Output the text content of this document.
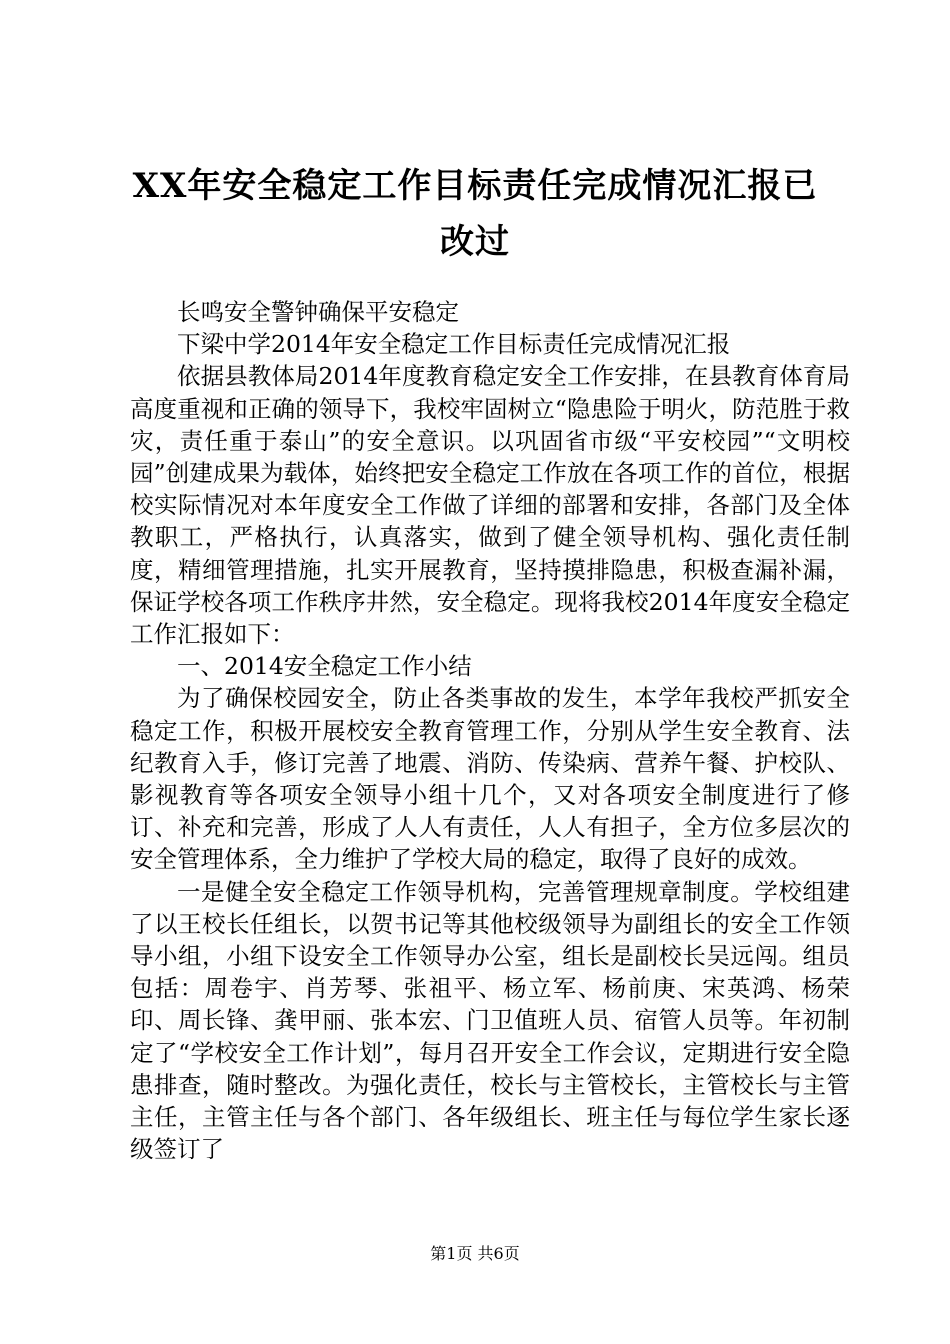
XX年安全稳定工作目标责任完成情况汇报已改过

长鸣安全警钟确保平安稳定

下梁中学2014年安全稳定工作目标责任完成情况汇报

依据县教体局2014年度教育稳定安全工作安排，在县教育体育局高度重视和正确的领导下，我校牢固树立“隐患险于明火，防范胜于救灾，责任重于泰山”的安全意识。以巩固省市级“平安校园”“文明校园”创建成果为载体，始终把安全稳定工作放在各项工作的首位，根据校实际情况对本年度安全工作做了详细的部署和安排，各部门及全体教职工，严格执行，认真落实，做到了健全领导机构、强化责任制度，精细管理措施，扎实开展教育，坚持摸排隐患，积极查漏补漏，保证学校各项工作秩序井然，安全稳定。现将我校2014年度安全稳定工作汇报如下：

一、2014安全稳定工作小结

为了确保校园安全，防止各类事故的发生，本学年我校严抓安全稳定工作，积极开展校安全教育管理工作，分别从学生安全教育、法纪教育入手，修订完善了地震、消防、传染病、营养午餐、护校队、影视教育等各项安全领导小组十几个，又对各项安全制度进行了修订、补充和完善，形成了人人有责任，人人有担子，全方位多层次的安全管理体系，全力维护了学校大局的稳定，取得了良好的成效。

一是健全安全稳定工作领导机构，完善管理规章制度。学校组建了以王校长任组长，以贺书记等其他校级领导为副组长的安全工作领导小组，小组下设安全工作领导办公室，组长是副校长吴远闯。组员包括：周卷宇、肖芳琴、张祖平、杨立军、杨前庚、宋英鸿、杨荣印、周长锋、龚甲丽、张本宏、门卫值班人员、宿管人员等。年初制定了“学校安全工作计划”，每月召开安全工作会议，定期进行安全隐患排查，随时整改。为强化责任，校长与主管校长，主管校长与主管主任，主管主任与各个部门、各年级组长、班主任与每位学生家长逐级签订了

第1页 共6页
